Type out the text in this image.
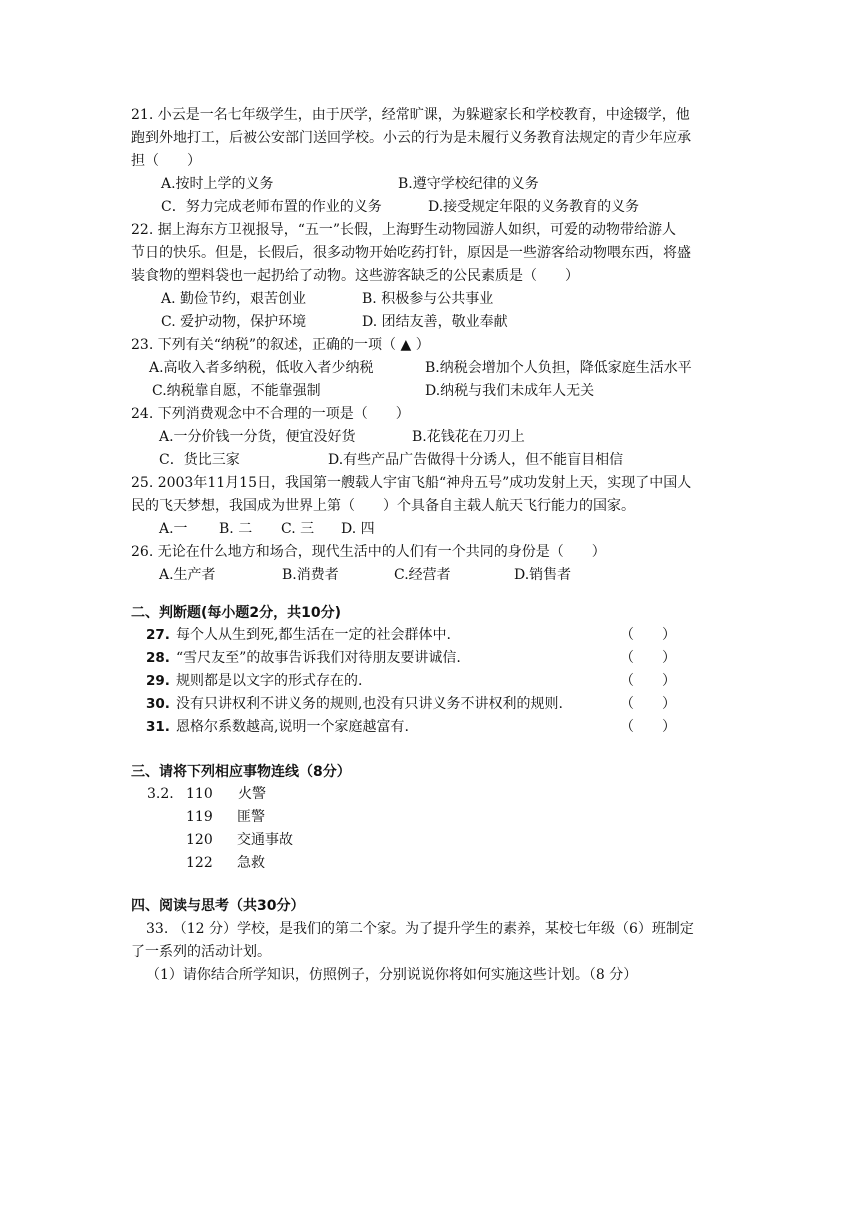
21. 小云是一名七年级学生，由于厌学，经常旷课，为躲避家长和学校教育，中途辍学，他
跑到外地打工，后被公安部门送回学校。小云的行为是未履行义务教育法规定的青少年应承
担（　　）
A.按时上学的义务	B.遵守学校纪律的义务
C．努力完成老师布置的作业的义务	D.接受规定年限的义务教育的义务
22. 据上海东方卫视报导，“五一”长假，上海野生动物园游人如织，可爱的动物带给游人
节日的快乐。但是，长假后，很多动物开始吃药打针，原因是一些游客给动物喂东西，将盛
装食物的塑料袋也一起扔给了动物。这些游客缺乏的公民素质是（　　）
A. 勤俭节约，艰苦创业	B. 积极参与公共事业
C. 爱护动物，保护环境	D. 团结友善，敬业奉献
23. 下列有关“纳税”的叙述，正确的一项（ ▲ ）
A.高收入者多纳税，低收入者少纳税	B.纳税会增加个人负担，降低家庭生活水平
C.纳税靠自愿，不能靠强制	D.纳税与我们未成年人无关
24. 下列消费观念中不合理的一项是（　　）
A.一分价钱一分货，便宜没好货	B.花钱花在刀刃上
C．货比三家	D.有些产品广告做得十分诱人，但不能盲目相信
25. 2003年11月15日，我国第一艘载人宇宙飞船“神舟五号”成功发射上天，实现了中国人
民的飞天梦想，我国成为世界上第（　　）个具备自主载人航天飞行能力的国家。
A.一 B. 二 C. 三 D. 四
26. 无论在什么地方和场合，现代生活中的人们有一个共同的身份是（　　）
A.生产者	B.消费者	C.经营者	D.销售者
二、判断题(每小题2分，共10分)
27. 每个人从生到死,都生活在一定的社会群体中.	（　　）
28. “雪尺友至”的故事告诉我们对待朋友要讲诚信.	（　　）
29. 规则都是以文字的形式存在的.	（　　）
30. 没有只讲权利不讲义务的规则,也没有只讲义务不讲权利的规则.	（　　）
31. 恩格尔系数越高,说明一个家庭越富有.	（　　）
三、请将下列相应事物连线（8分）
3.2. 110 火警
119 匪警
120 交通事故
122 急救
四、阅读与思考（共30分）
33. （12 分）学校，是我们的第二个家。为了提升学生的素养，某校七年级（6）班制定
了一系列的活动计划。
（1）请你结合所学知识，仿照例子，分别说说你将如何实施这些计划。（8 分）
